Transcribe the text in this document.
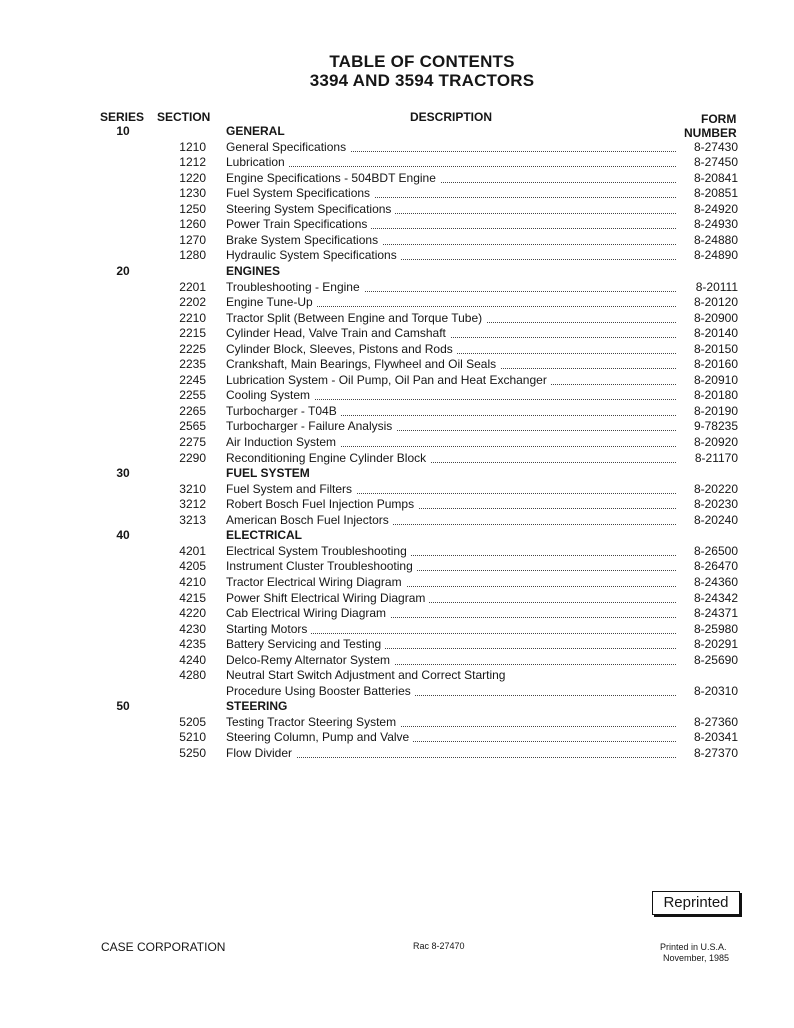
TABLE OF CONTENTS
3394 AND 3594 TRACTORS
SERIES SECTION	DESCRIPTION	FORM
NUMBER
10	GENERAL
1210 General Specifications	8-27430
1212 Lubrication	8-27450
1220 Engine Specifications - 504BDT Engine	8-20841
1230 Fuel System Specifications	8-20851
1250 Steering System Specifications	8-24920
1260 Power Train Specifications	8-24930
1270 Brake System Specifications	8-24880
1280 Hydraulic System Specifications	8-24890
20	ENGINES
2201 Troubleshooting - Engine	8-20111
2202 Engine Tune-Up	8-20120
2210 Tractor Split (Between Engine and Torque Tube)	8-20900
2215 Cylinder Head, Valve Train and Camshaft	8-20140
2225 Cylinder Block, Sleeves, Pistons and Rods	8-20150
2235 Crankshaft, Main Bearings, Flywheel and Oil Seals	8-20160
2245 Lubrication System - Oil Pump, Oil Pan and Heat Exchanger	8-20910
2255 Cooling System	8-20180
2265 Turbocharger - T04B	8-20190
2565 Turbocharger - Failure Analysis	9-78235
2275 Air Induction System	8-20920
2290 Reconditioning Engine Cylinder Block	8-21170
30	FUEL SYSTEM
3210 Fuel System and Filters	8-20220
3212 Robert Bosch Fuel Injection Pumps	8-20230
3213 American Bosch Fuel Injectors	8-20240
40	ELECTRICAL
4201 Electrical System Troubleshooting	8-26500
4205 Instrument Cluster Troubleshooting	8-26470
4210 Tractor Electrical Wiring Diagram	8-24360
4215 Power Shift Electrical Wiring Diagram	8-24342
4220 Cab Electrical Wiring Diagram	8-24371
4230 Starting Motors	8-25980
4235 Battery Servicing and Testing	8-20291
4240 Delco-Remy Alternator System	8-25690
4280 Neutral Start Switch Adjustment and Correct Starting
Procedure Using Booster Batteries	8-20310
50	STEERING
5205 Testing Tractor Steering System	8-27360
5210 Steering Column, Pump and Valve	8-20341
5250 Flow Divider	8-27370
Reprinted
CASE CORPORATION	Rac 8-27470	Printed in U.S.A.
November, 1985
